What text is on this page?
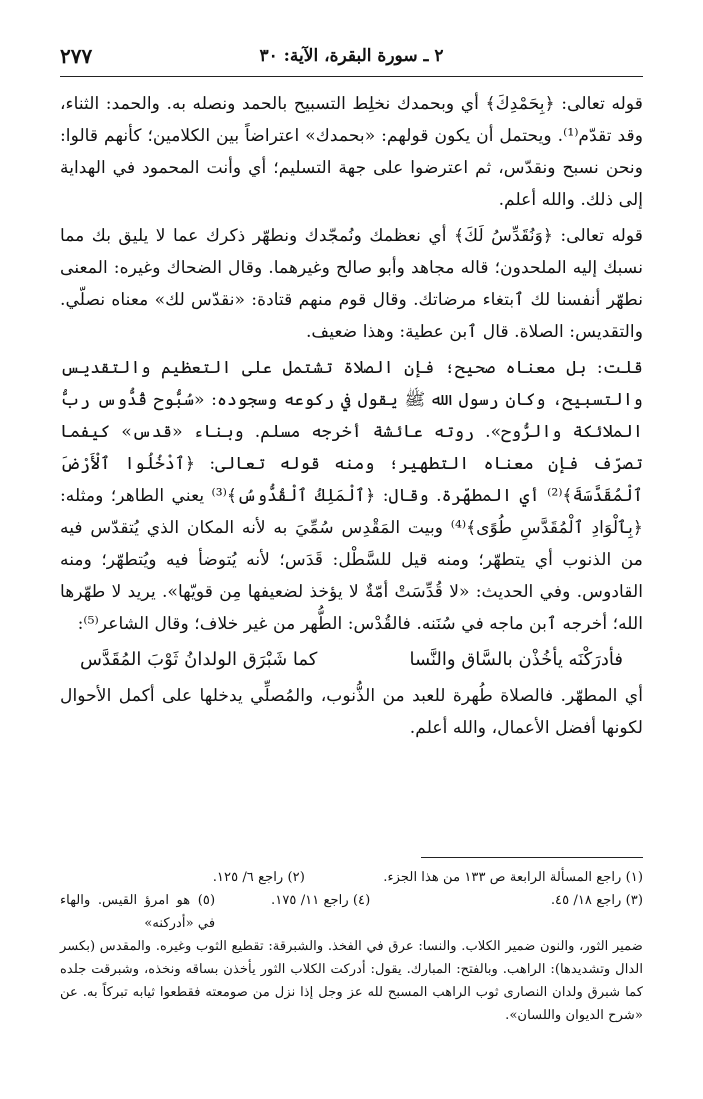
٢ ـ سورة البقرة، الآية: ٣٠
٢٧٧

قوله تعالى: ﴿بِحَمْدِكَ﴾ أي وبحمدك نخلِط التسبيح بالحمد ونصله به. والحمد: الثناء، وقد تقدّم⁽¹⁾. ويحتمل أن يكون قولهم: «بحمدك» اعتراضاً بين الكلامين؛ كأنهم قالوا: ونحن نسبح ونقدّس، ثم اعترضوا على جهة التسليم؛ أي وأنت المحمود في الهداية إلى ذلك. والله أعلم.

قوله تعالى: ﴿وَنُقَدِّسُ لَكَ﴾ أي نعظمك ونُمجّدك ونطهّر ذكرك عما لا يليق بك مما نسبك إليه الملحدون؛ قاله مجاهد وأبو صالح وغيرهما. وقال الضحاك وغيره: المعنى نطهّر أنفسنا لك ٱبتغاء مرضاتك. وقال قوم منهم قتادة: «نقدّس لك» معناه نصلّي. والتقديس: الصلاة. قال ٱبن عطية: وهذا ضعيف.

قلت: بل معناه صحيح؛ فإن الصلاة تشتمل على التعظيم والتقديس والتسبيح، وكان رسول الله ﷺ يقول في ركوعه وسجوده: «سُبُّوح قُدُّوس ربُّ الملائكة والرُّوح». روته عائشة أخرجه مسلم. وبناء «قدس» كيفما تصرّف فإن معناه التطهير؛ ومنه قوله تعالى: ﴿ٱدْخُلُوا ٱلْأَرْضَ ٱلْمُقَدَّسَةَ﴾⁽²⁾ أي المطهّرة. وقال: ﴿ٱلْمَلِكُ ٱلْقُدُّوسُ﴾⁽³⁾ يعني الطاهر؛ ومثله: ﴿بِٱلْوَادِ ٱلْمُقَدَّسِ طُوًى﴾⁽⁴⁾ وبيت المَقْدِس سُمِّيَ به لأنه المكان الذي يُتقدّس فيه من الذنوب أي يتطهّر؛ ومنه قيل للسَّطْل: قَدَس؛ لأنه يُتوضأ فيه ويُتطهّر؛ ومنه القادوس. وفي الحديث: «لا قُدِّسَتْ أمّةٌ لا يؤخذ لضعيفها مِن قويّها». يريد لا طهّرها الله؛ أخرجه ٱبن ماجه في سُنَنه. فالقُدْس: الطُّهر من غير خلاف؛ وقال الشاعر⁽⁵⁾:

فأدرَكْنَه يأخُذْن بالسَّاق والنَّسا
كما شَبْرَق الولدانُ ثَوْبَ المُقَدَّس

أي المطهّر. فالصلاة طُهرة للعبد من الذُّنوب، والمُصلِّي يدخلها على أكمل الأحوال لكونها أفضل الأعمال، والله أعلم.

(١) راجع المسألة الرابعة ص ١٣٣ من هذا الجزء.
(٢) راجع ٦/ ١٢٥.
(٣) راجع ١٨/ ٤٥.
(٤) راجع ١١/ ١٧٥.
(٥) هو امرؤ القيس. والهاء في «أدركنه»

ضمير الثور، والنون ضمير الكلاب. والنسا: عرق في الفخذ. والشبرقة: تقطيع الثوب وغيره. والمقدس (بكسر الدال وتشديدها): الراهب. وبالفتح: المبارك. يقول: أدركت الكلاب الثور يأخذن بساقه ونخذه، وشبرقت جلده كما شبرق ولدان النصارى ثوب الراهب المسبح لله عز وجل إذا نزل من صومعته فقطعوا ثيابه تبركاً به. عن «شرح الديوان واللسان».
